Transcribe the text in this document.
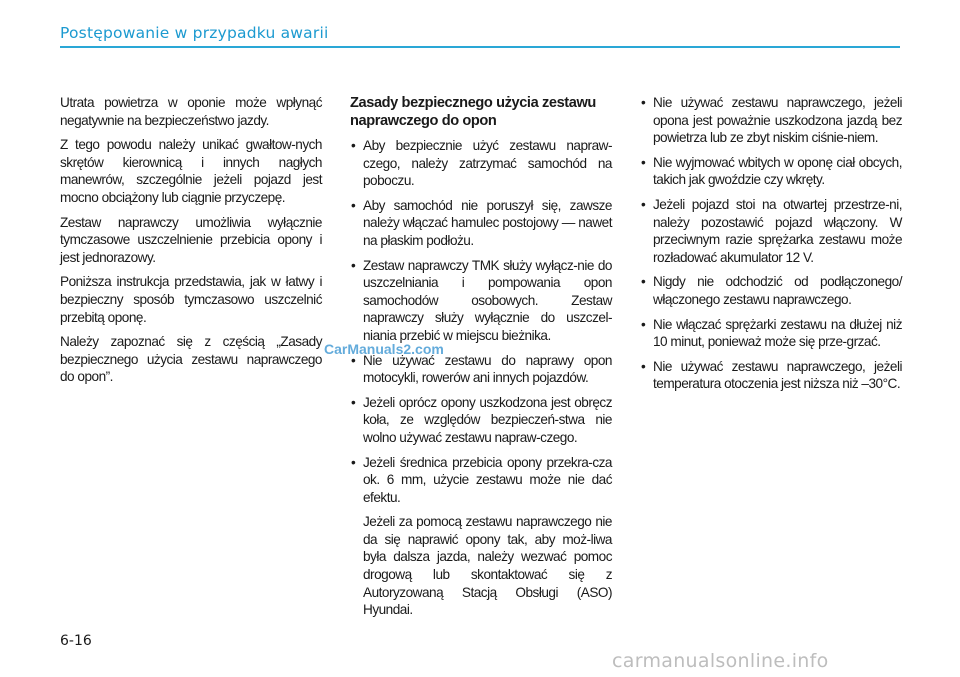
Postępowanie w przypadku awarii

Utrata powietrza w oponie może wpłynąć negatywnie na bezpieczeństwo jazdy.

Z tego powodu należy unikać gwałtow-nych skrętów kierownicą i innych nagłych manewrów, szczególnie jeżeli pojazd jest mocno obciążony lub ciągnie przyczepę.

Zestaw naprawczy umożliwia wyłącznie tymczasowe uszczelnienie przebicia opony i jest jednorazowy.

Poniższa instrukcja przedstawia, jak w łatwy i bezpieczny sposób tymczasowo uszczelnić przebitą oponę.

Należy zapoznać się z częścią „Zasady bezpiecznego użycia zestawu naprawczego do opon”.

Zasady bezpiecznego użycia zestawu naprawczego do opon
• Aby bezpiecznie użyć zestawu napraw-czego, należy zatrzymać samochód na poboczu.
• Aby samochód nie poruszył się, zawsze należy włączać hamulec postojowy — nawet na płaskim podłożu.
• Zestaw naprawczy TMK służy wyłącz-nie do uszczelniania i pompowania opon samochodów osobowych. Zestaw naprawczy służy wyłącznie do uszczel-niania przebić w miejscu bieżnika.
• Nie używać zestawu do naprawy opon motocykli, rowerów ani innych pojazdów.
• Jeżeli oprócz opony uszkodzona jest obręcz koła, ze względów bezpieczeń-stwa nie wolno używać zestawu napraw-czego.
• Jeżeli średnica przebicia opony przekra-cza ok. 6 mm, użycie zestawu może nie dać efektu.

Jeżeli za pomocą zestawu naprawczego nie da się naprawić opony tak, aby moż-liwa była dalsza jazda, należy wezwać pomoc drogową lub skontaktować się z Autoryzowaną Stacją Obsługi (ASO) Hyundai.

• Nie używać zestawu naprawczego, jeżeli opona jest poważnie uszkodzona jazdą bez powietrza lub ze zbyt niskim ciśnie-niem.
• Nie wyjmować wbitych w oponę ciał obcych, takich jak gwoździe czy wkręty.
• Jeżeli pojazd stoi na otwartej przestrze-ni, należy pozostawić pojazd włączony. W przeciwnym razie sprężarka zestawu może rozładować akumulator 12 V.
• Nigdy nie odchodzić od podłączonego/ włączonego zestawu naprawczego.
• Nie włączać sprężarki zestawu na dłużej niż 10 minut, ponieważ może się prze-grzać.
• Nie używać zestawu naprawczego, jeżeli temperatura otoczenia jest niższa niż –30°C.
CarManuals2.com
6-16
carmanualsonline.info
